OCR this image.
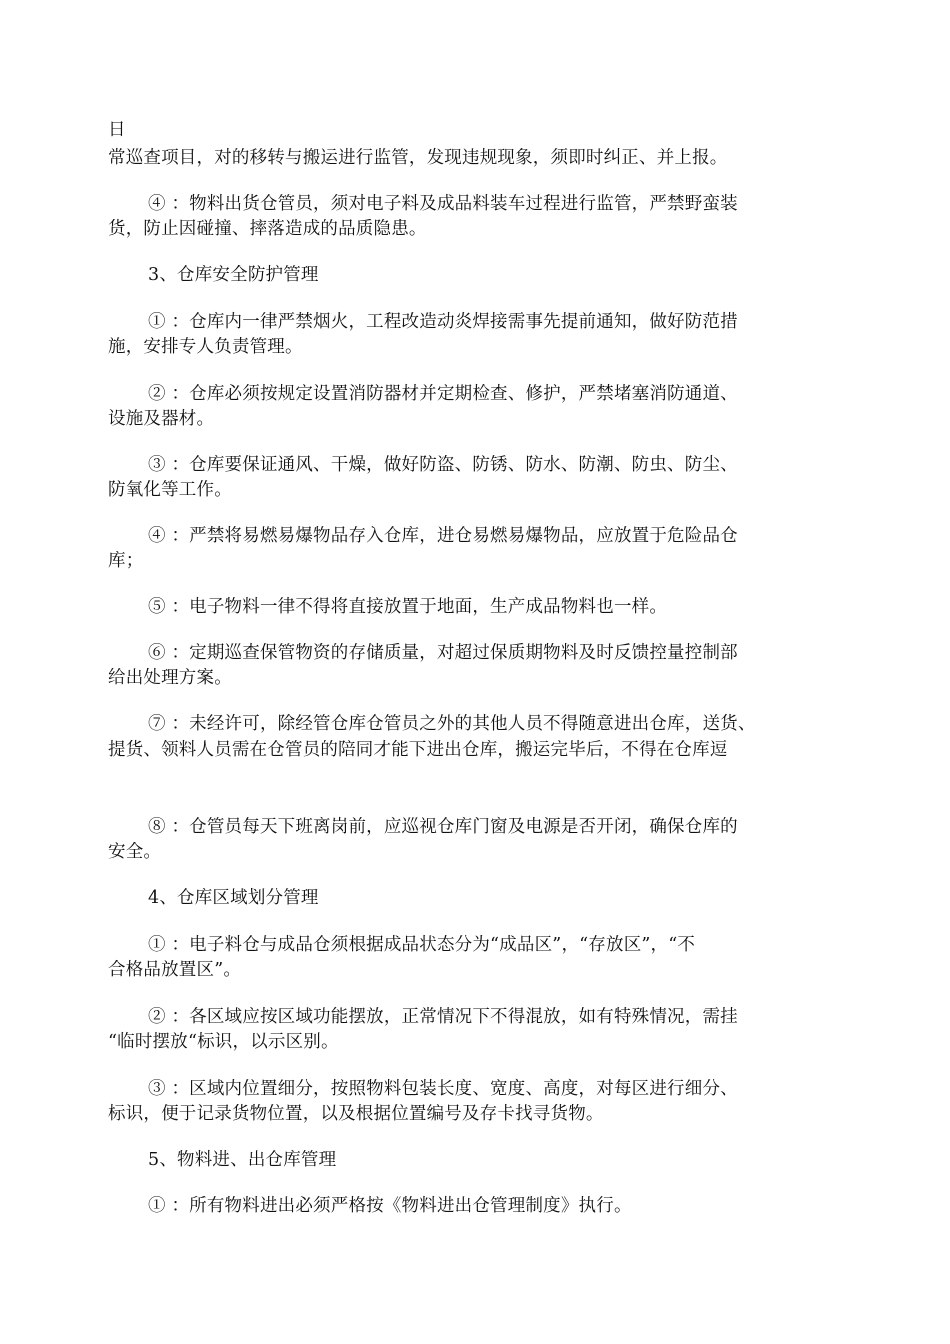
日
常巡查项目，对的移转与搬运进行监管，发现违规现象，须即时纠正、并上报。
④ ：物料出货仓管员，须对电子料及成品料装车过程进行监管，严禁野蛮装
货，防止因碰撞、摔落造成的品质隐患。
3、仓库安全防护管理
① ：仓库内一律严禁烟火，工程改造动炎焊接需事先提前通知，做好防范措
施，安排专人负责管理。
② ：仓库必须按规定设置消防器材并定期检查、修护，严禁堵塞消防通道、
设施及器材。
③ ：仓库要保证通风、干燥，做好防盗、防锈、防水、防潮、防虫、防尘、
防氧化等工作。
④ ：严禁将易燃易爆物品存入仓库，进仓易燃易爆物品，应放置于危险品仓
库；
⑤ ：电子物料一律不得将直接放置于地面，生产成品物料也一样。
⑥ ：定期巡查保管物资的存储质量，对超过保质期物料及时反馈控量控制部
给出处理方案。
⑦ ：未经许可，除经管仓库仓管员之外的其他人员不得随意进出仓库，送货、
提货、领料人员需在仓管员的陪同才能下进出仓库，搬运完毕后，不得在仓库逗
⑧ ：仓管员每天下班离岗前，应巡视仓库门窗及电源是否开闭，确保仓库的
安全。
4、仓库区域划分管理
① ：电子料仓与成品仓须根据成品状态分为“成品区”，“存放区”，“不
合格品放置区”。
② ：各区域应按区域功能摆放，正常情况下不得混放，如有特殊情况，需挂
“临时摆放“标识，以示区别。
③ ：区域内位置细分，按照物料包装长度、宽度、高度，对每区进行细分、
标识，便于记录货物位置，以及根据位置编号及存卡找寻货物。
5、物料进、出仓库管理
① ：所有物料进出必须严格按《物料进出仓管理制度》执行。
